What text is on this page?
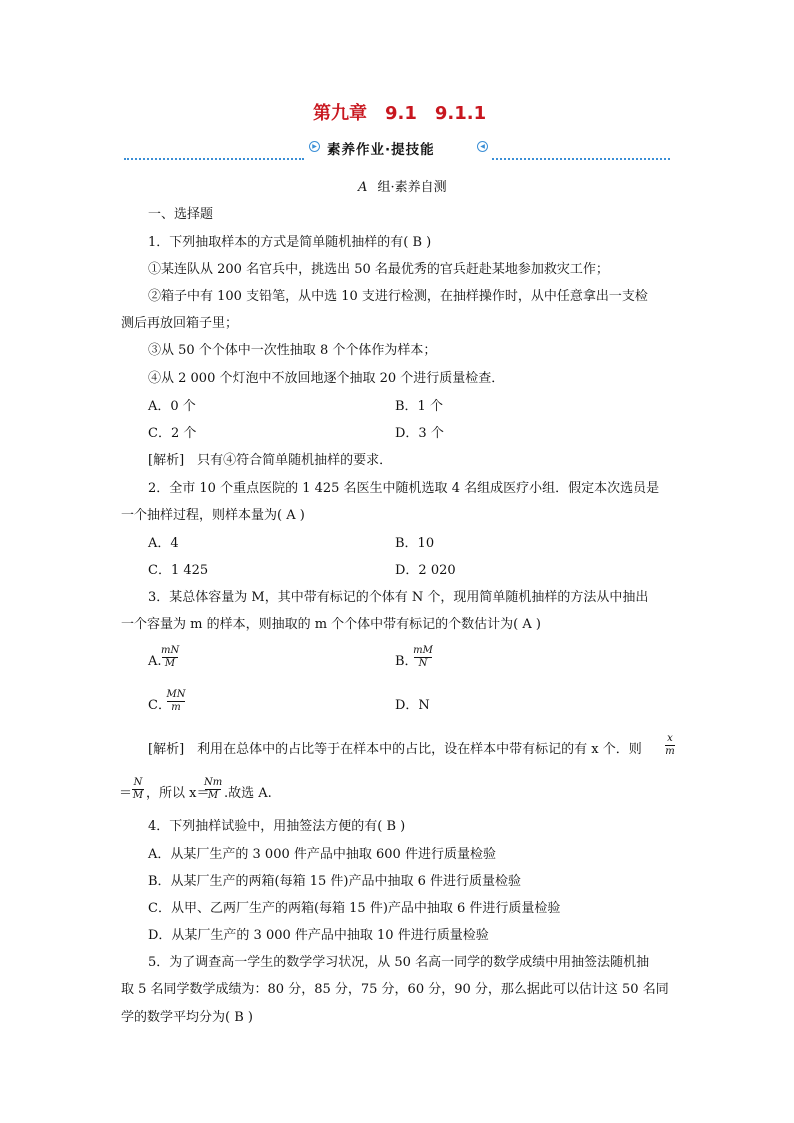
第九章　9.1　9.1.1
▶ 素养作业·提技能	◀
A 组·素养自测
一、选择题
1．下列抽取样本的方式是简单随机抽样的有( B )
①某连队从 200 名官兵中，挑选出 50 名最优秀的官兵赶赴某地参加救灾工作；
②箱子中有 100 支铅笔，从中选 10 支进行检测，在抽样操作时，从中任意拿出一支检
测后再放回箱子里；
③从 50 个个体中一次性抽取 8 个个体作为样本；
④从 2 000 个灯泡中不放回地逐个抽取 20 个进行质量检查．
A．0 个	B．1 个
C．2 个	D．3 个
[解析]　只有④符合简单随机抽样的要求．
2．全市 10 个重点医院的 1 425 名医生中随机选取 4 名组成医疗小组．假定本次选员是
一个抽样过程，则样本量为( A )
A．4	B．10
C．1 425	D．2 020
3．某总体容量为 M，其中带有标记的个体有 N 个，现用简单随机抽样的方法从中抽出
一个容量为 m 的样本，则抽取的 m 个个体中带有标记的个数估计为( A )
A.
mN
M	B．
mM
N
C．
MN
m	D．N
[解析]　利用在总体中的占比等于在样本中的占比，设在样本中带有标记的有 x 个．则
x
m
＝
N
M ，所以 x＝
Nm
M .故选 A.
4．下列抽样试验中，用抽签法方便的有( B )
A．从某厂生产的 3 000 件产品中抽取 600 件进行质量检验
B．从某厂生产的两箱(每箱 15 件)产品中抽取 6 件进行质量检验
C．从甲、乙两厂生产的两箱(每箱 15 件)产品中抽取 6 件进行质量检验
D．从某厂生产的 3 000 件产品中抽取 10 件进行质量检验
5．为了调查高一学生的数学学习状况，从 50 名高一同学的数学成绩中用抽签法随机抽
取 5 名同学数学成绩为：80 分，85 分，75 分，60 分，90 分，那么据此可以估计这 50 名同
学的数学平均分为( B )
